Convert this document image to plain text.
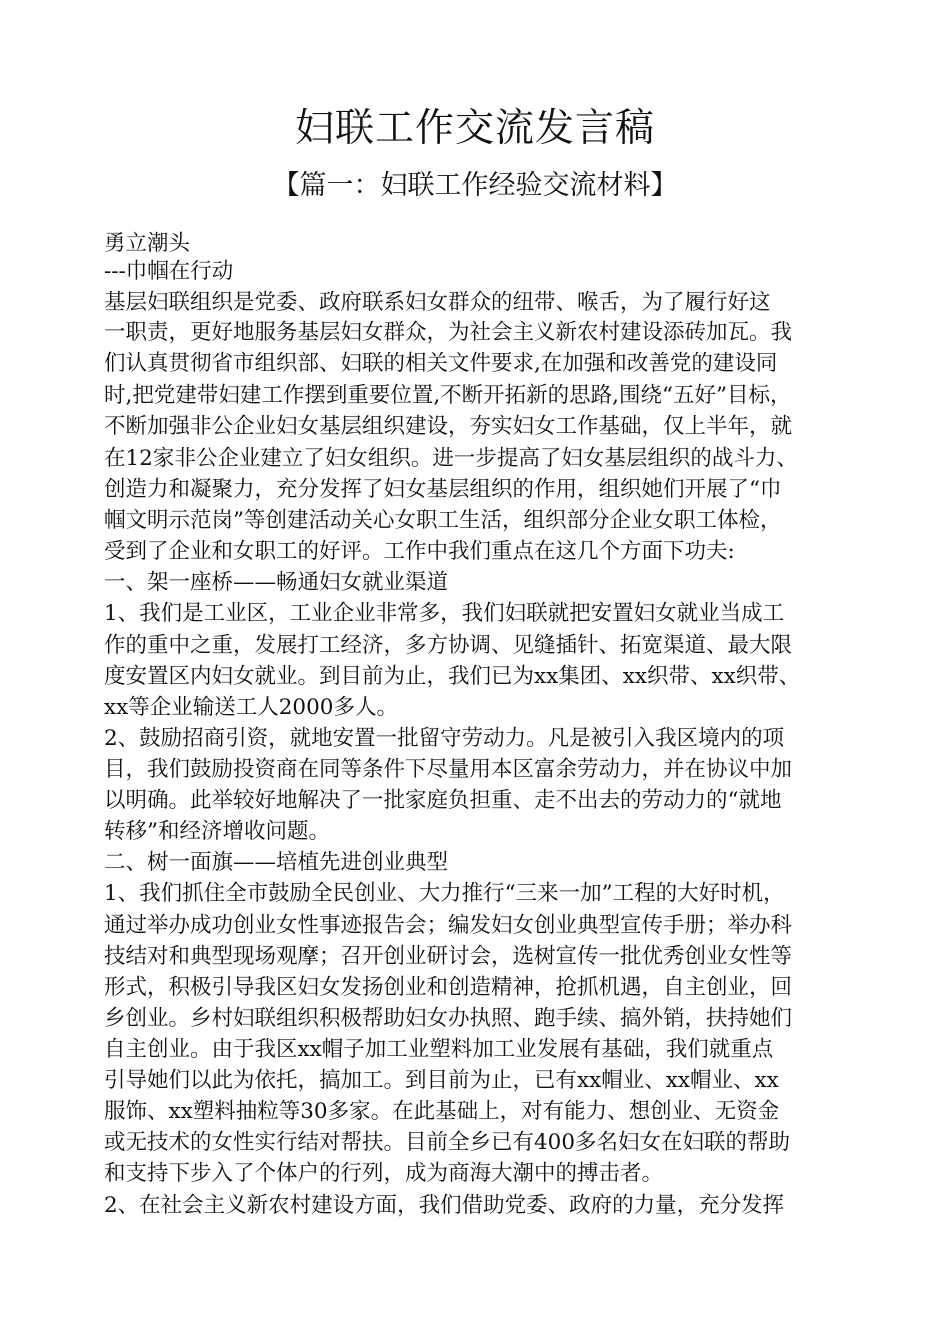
妇联工作交流发言稿
【篇一：妇联工作经验交流材料】
勇立潮头
---巾帼在行动
基层妇联组织是党委、政府联系妇女群众的纽带、喉舌，为了履行好这
一职责，更好地服务基层妇女群众，为社会主义新农村建设添砖加瓦。我
们认真贯彻省市组织部、妇联的相关文件要求,在加强和改善党的建设同
时,把党建带妇建工作摆到重要位置,不断开拓新的思路,围绕“五好”目标，
不断加强非公企业妇女基层组织建设，夯实妇女工作基础，仅上半年，就
在12家非公企业建立了妇女组织。进一步提高了妇女基层组织的战斗力、
创造力和凝聚力，充分发挥了妇女基层组织的作用，组织她们开展了“巾
帼文明示范岗”等创建活动关心女职工生活，组织部分企业女职工体检，
受到了企业和女职工的好评。工作中我们重点在这几个方面下功夫:
一、架一座桥——畅通妇女就业渠道
1、我们是工业区，工业企业非常多，我们妇联就把安置妇女就业当成工
作的重中之重，发展打工经济，多方协调、见缝插针、拓宽渠道、最大限
度安置区内妇女就业。到目前为止，我们已为xx集团、xx织带、xx织带、
xx等企业输送工人2000多人。
2、鼓励招商引资，就地安置一批留守劳动力。凡是被引入我区境内的项
目，我们鼓励投资商在同等条件下尽量用本区富余劳动力，并在协议中加
以明确。此举较好地解决了一批家庭负担重、走不出去的劳动力的“就地
转移”和经济增收问题。
二、树一面旗——培植先进创业典型
1、我们抓住全市鼓励全民创业、大力推行“三来一加”工程的大好时机，
通过举办成功创业女性事迹报告会；编发妇女创业典型宣传手册；举办科
技结对和典型现场观摩；召开创业研讨会，选树宣传一批优秀创业女性等
形式，积极引导我区妇女发扬创业和创造精神，抢抓机遇，自主创业，回
乡创业。乡村妇联组织积极帮助妇女办执照、跑手续、搞外销，扶持她们
自主创业。由于我区xx帽子加工业塑料加工业发展有基础，我们就重点
引导她们以此为依托，搞加工。到目前为止，已有xx帽业、xx帽业、xx
服饰、xx塑料抽粒等30多家。在此基础上，对有能力、想创业、无资金
或无技术的女性实行结对帮扶。目前全乡已有400多名妇女在妇联的帮助
和支持下步入了个体户的行列，成为商海大潮中的搏击者。
2、在社会主义新农村建设方面，我们借助党委、政府的力量，充分发挥
